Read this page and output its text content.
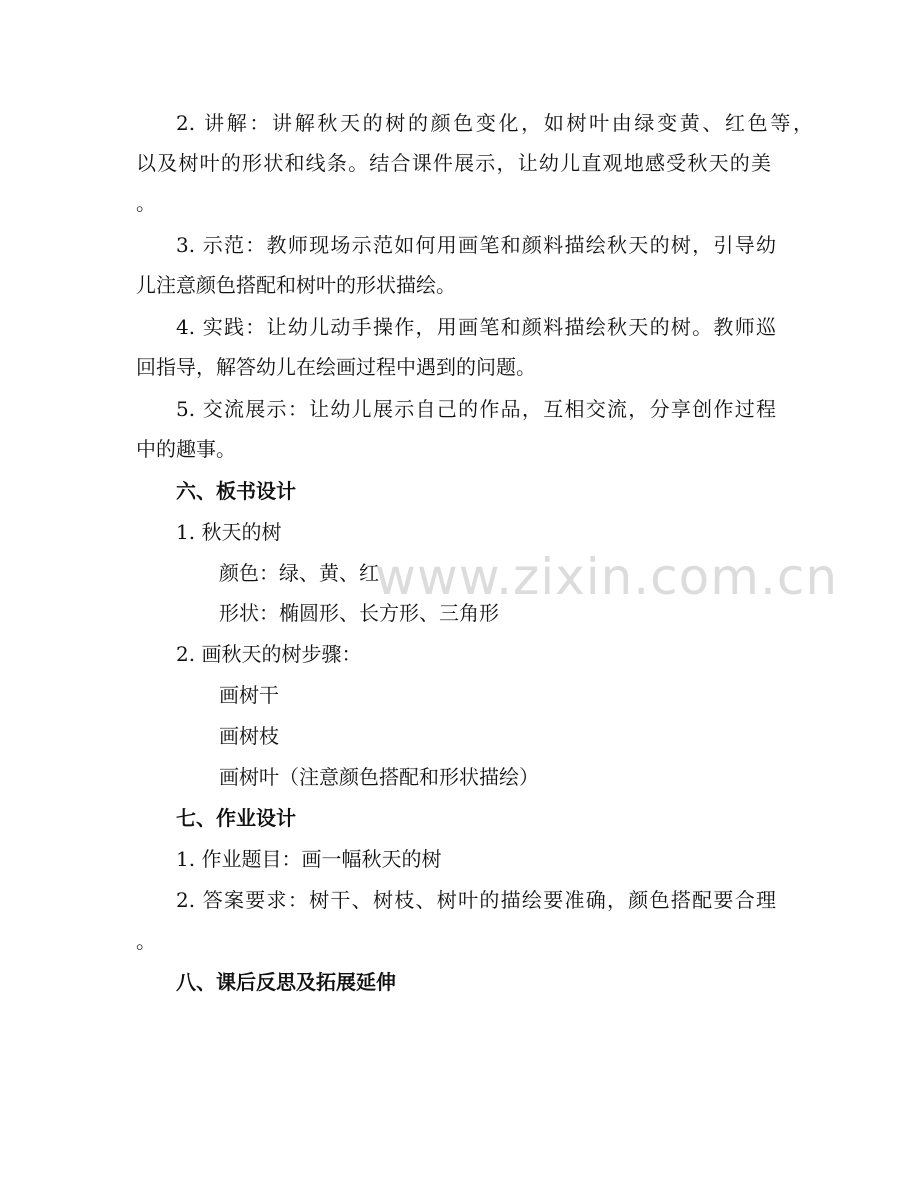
www.zixin.com.cn
2. 讲解：讲解秋天的树的颜色变化，如树叶由绿变黄、红色等，
以及树叶的形状和线条。结合课件展示，让幼儿直观地感受秋天的美
。
3. 示范：教师现场示范如何用画笔和颜料描绘秋天的树，引导幼
儿注意颜色搭配和树叶的形状描绘。
4. 实践：让幼儿动手操作，用画笔和颜料描绘秋天的树。教师巡
回指导，解答幼儿在绘画过程中遇到的问题。
5. 交流展示：让幼儿展示自己的作品，互相交流，分享创作过程
中的趣事。
六、板书设计
1. 秋天的树
颜色：绿、黄、红
形状：椭圆形、长方形、三角形
2. 画秋天的树步骤：
画树干
画树枝
画树叶（注意颜色搭配和形状描绘）
七、作业设计
1. 作业题目：画一幅秋天的树
2. 答案要求：树干、树枝、树叶的描绘要准确，颜色搭配要合理
。
八、课后反思及拓展延伸
